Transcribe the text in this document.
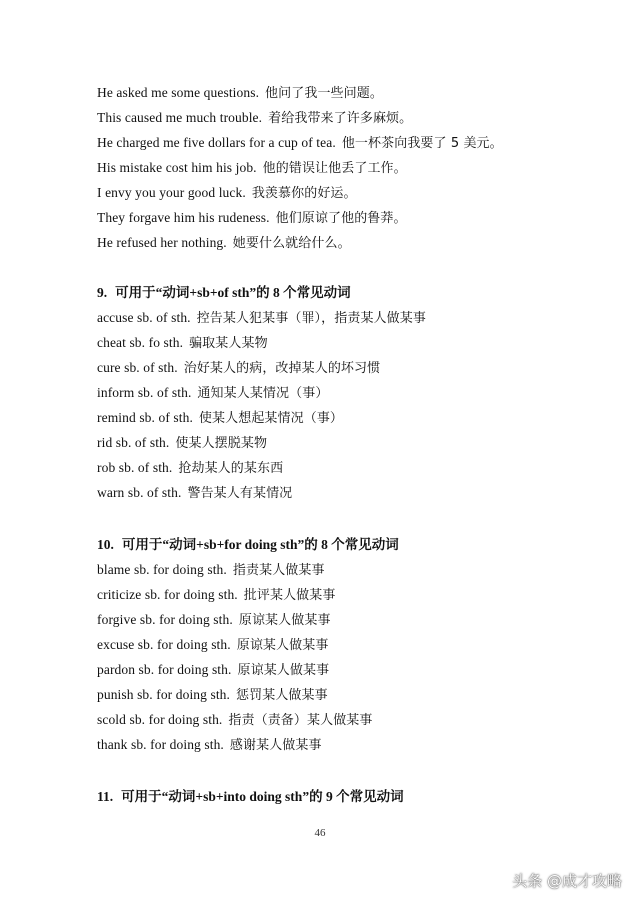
He asked me some questions. 他问了我一些问题。
This caused me much trouble. 着给我带来了许多麻烦。
He charged me five dollars for a cup of tea. 他一杯茶向我要了 5 美元。
His mistake cost him his job. 他的错误让他丢了工作。
I envy you your good luck. 我羡慕你的好运。
They forgave him his rudeness. 他们原谅了他的鲁莽。
He refused her nothing. 她要什么就给什么。
9. 可用于“动词+sb+of sth”的 8 个常见动词
accuse sb. of sth. 控告某人犯某事（罪），指责某人做某事
cheat sb. fo sth. 骗取某人某物
cure sb. of sth. 治好某人的病，改掉某人的坏习惯
inform sb. of sth. 通知某人某情况（事）
remind sb. of sth. 使某人想起某情况（事）
rid sb. of sth. 使某人摆脱某物
rob sb. of sth. 抢劫某人的某东西
warn sb. of sth. 警告某人有某情况
10. 可用于“动词+sb+for doing sth”的 8 个常见动词
blame sb. for doing sth. 指责某人做某事
criticize sb. for doing sth. 批评某人做某事
forgive sb. for doing sth. 原谅某人做某事
excuse sb. for doing sth. 原谅某人做某事
pardon sb. for doing sth. 原谅某人做某事
punish sb. for doing sth. 惩罚某人做某事
scold sb. for doing sth. 指责（责备）某人做某事
thank sb. for doing sth. 感谢某人做某事
11. 可用于“动词+sb+into doing sth”的 9 个常见动词
46
头条 @成才攻略
